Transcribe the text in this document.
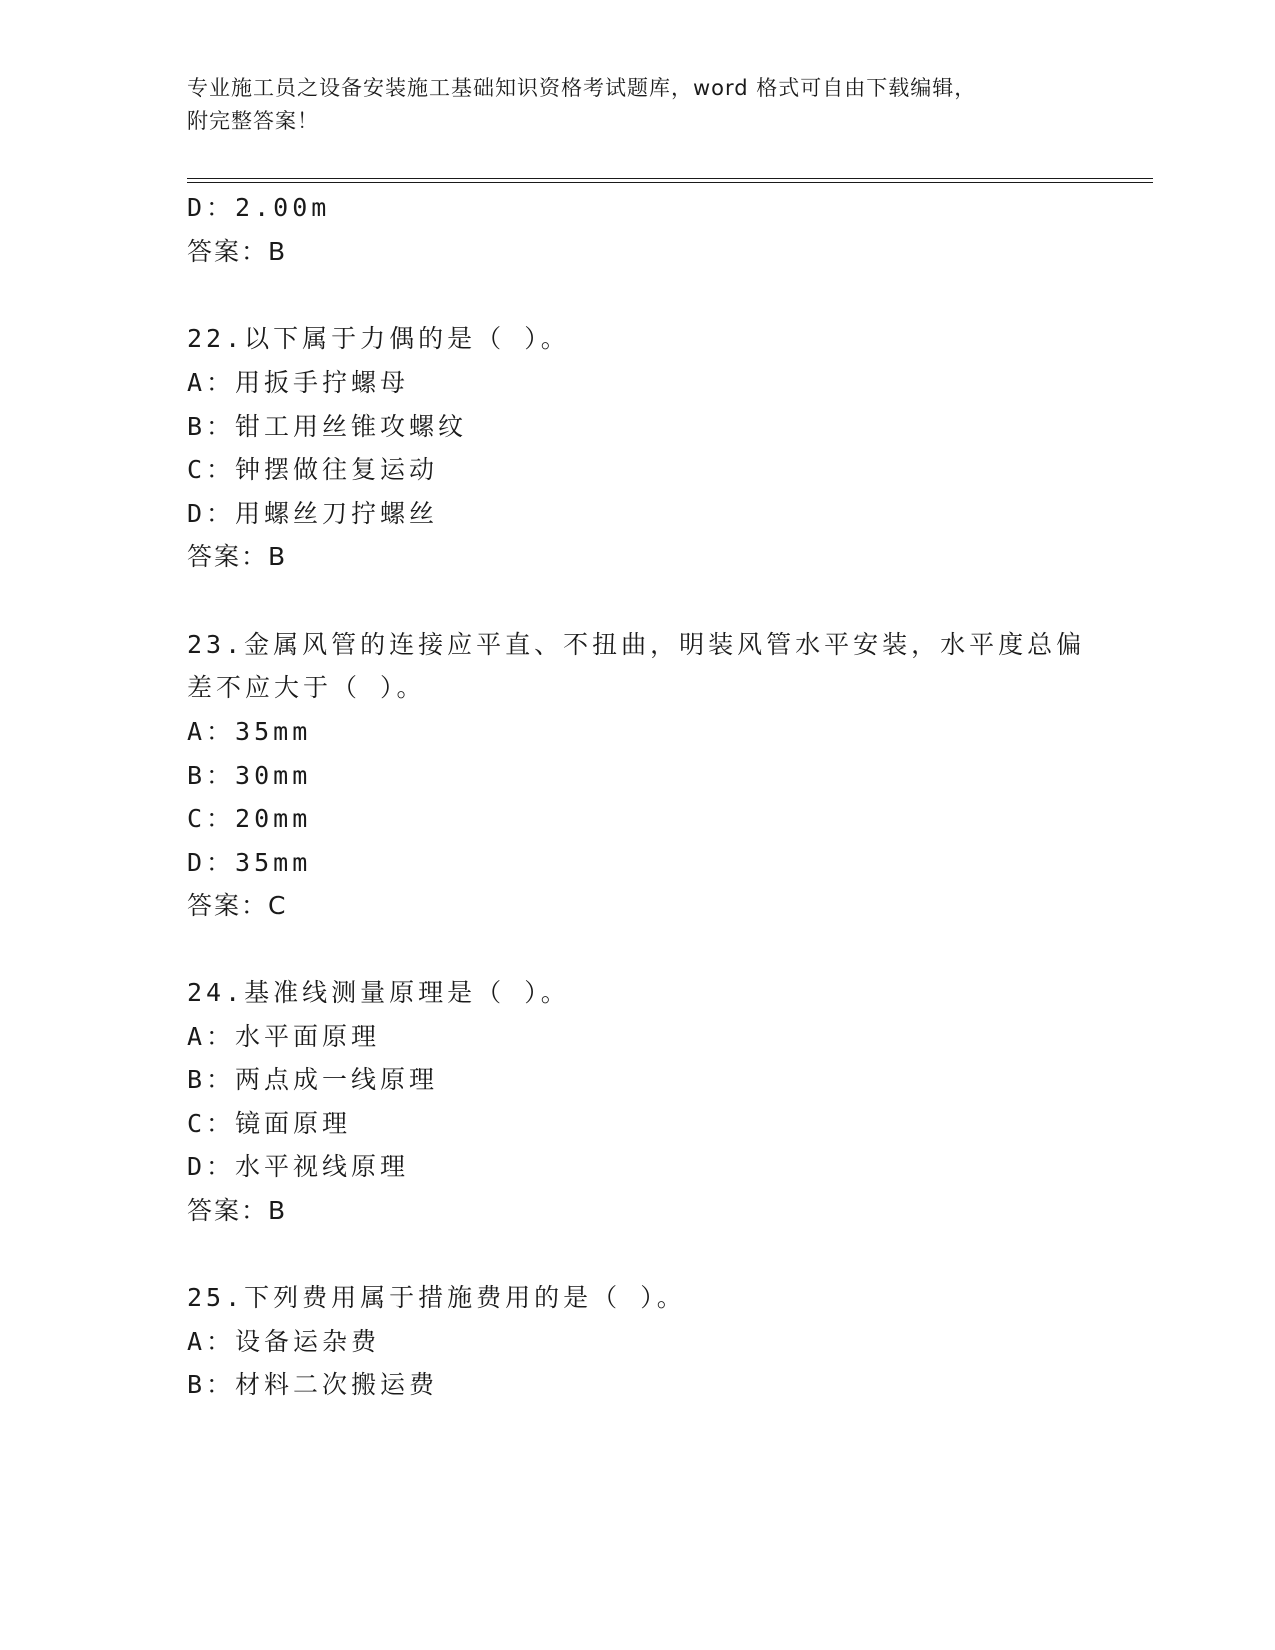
专业施工员之设备安装施工基础知识资格考试题库，word 格式可自由下载编辑，
附完整答案！
D：2.00m
答案：B
22.以下属于力偶的是（ ）。
A：用扳手拧螺母
B：钳工用丝锥攻螺纹
C：钟摆做往复运动
D：用螺丝刀拧螺丝
答案：B
23.金属风管的连接应平直、不扭曲，明装风管水平安装，水平度总偏
差不应大于（ ）。
A：35mm
B：30mm
C：20mm
D：35mm
答案：C
24.基准线测量原理是（ ）。
A：水平面原理
B：两点成一线原理
C：镜面原理
D：水平视线原理
答案：B
25.下列费用属于措施费用的是（ ）。
A：设备运杂费
B：材料二次搬运费
